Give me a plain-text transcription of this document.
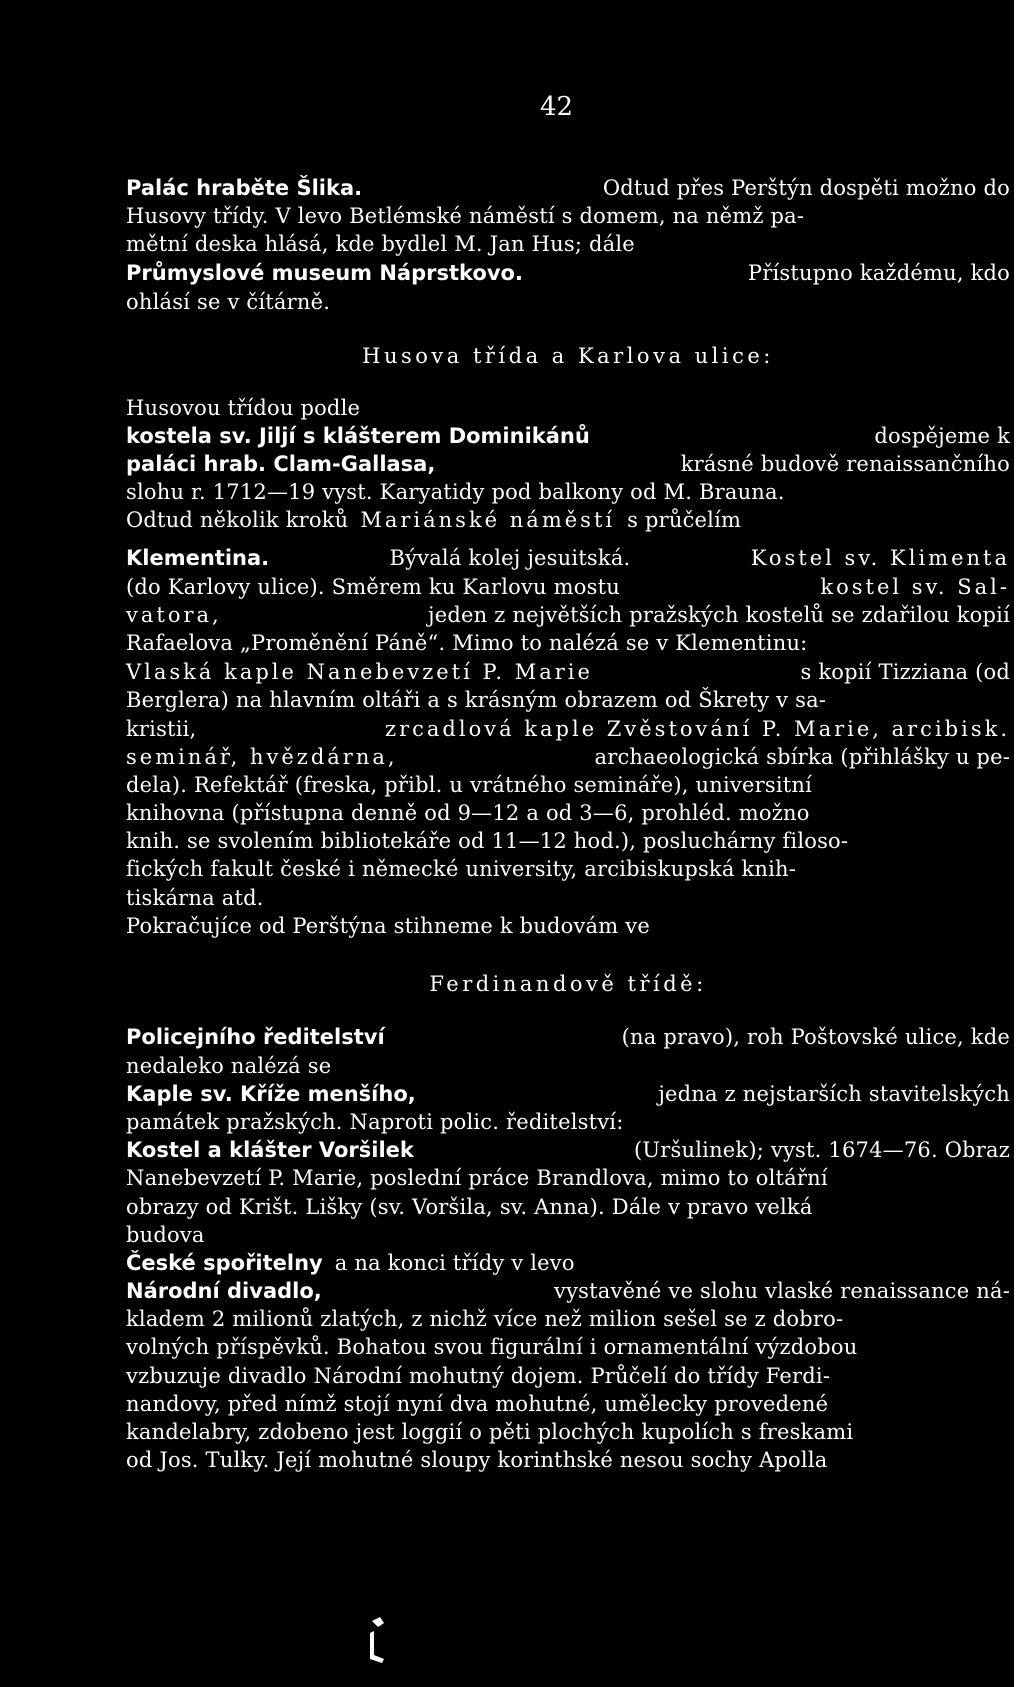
42
Palác hraběte Šlika.	Odtud přes Perštýn dospěti možno do
Husovy třídy. V levo Betlémské náměstí s domem, na němž pa-
mětní deska hlásá, kde bydlel M. Jan Hus; dále
Průmyslové museum Náprstkovo.	Přístupno každému, kdo
ohlásí se v čítárně.
Husova třída a Karlova ulice:
Husovou třídou podle
kostela sv. Jiljí s klášterem Dominikánů	dospějeme k
paláci hrab. Clam-Gallasa,	krásné budově renaissančního
slohu r. 1712—19 vyst. Karyatidy pod balkony od M. Brauna.
Odtud několik kroků Mariánské náměstí s průčelím
Klementina.	Bývalá kolej jesuitská.	Kostel sv. Klimenta
(do Karlovy ulice). Směrem ku Karlovu mostu	kostel sv. Sal-
vatora,	jeden z největších pražských kostelů se zdařilou kopií
Rafaelova „Proměnění Páně“. Mimo to nalézá se v Klementinu:
Vlaská kaple Nanebevzetí P. Marie	s kopií Tizziana (od
Berglera) na hlavním oltáři a s krásným obrazem od Škrety v sa-
kristii,	zrcadlová kaple Zvěstování P. Marie, arcibisk.
seminář, hvězdárna,	archaeologická sbírka (přihlášky u pe-
dela). Refektář (freska, přibl. u vrátného semináře), universitní
knihovna (přístupna denně od 9—12 a od 3—6, prohléd. možno
knih. se svolením bibliotekáře od 11—12 hod.), posluchárny filoso-
fických fakult české i německé university, arcibiskupská knih-
tiskárna atd.
Pokračujíce od Perštýna stihneme k budovám ve
Ferdinandově třídě:
Policejního ředitelství	(na pravo), roh Poštovské ulice, kde
nedaleko nalézá se
Kaple sv. Kříže menšího,	jedna z nejstarších stavitelských
památek pražských. Naproti polic. ředitelství:
Kostel a klášter Voršilek	(Uršulinek); vyst. 1674—76. Obraz
Nanebevzetí P. Marie, poslední práce Brandlova, mimo to oltářní
obrazy od Krišt. Lišky (sv. Voršila, sv. Anna). Dále v pravo velká
budova
České spořitelny a na konci třídy v levo
Národní divadlo,	vystavěné ve slohu vlaské renaissance ná-
kladem 2 milionů zlatých, z nichž více než milion sešel se z dobro-
volných příspěvků. Bohatou svou figurální i ornamentální výzdobou
vzbuzuje divadlo Národní mohutný dojem. Průčelí do třídy Ferdi-
nandovy, před nímž stojí nyní dva mohutné, umělecky provedené
kandelabry, zdobeno jest loggií o pěti plochých kupolích s freskami
od Jos. Tulky. Její mohutné sloupy korinthské nesou sochy Apolla
